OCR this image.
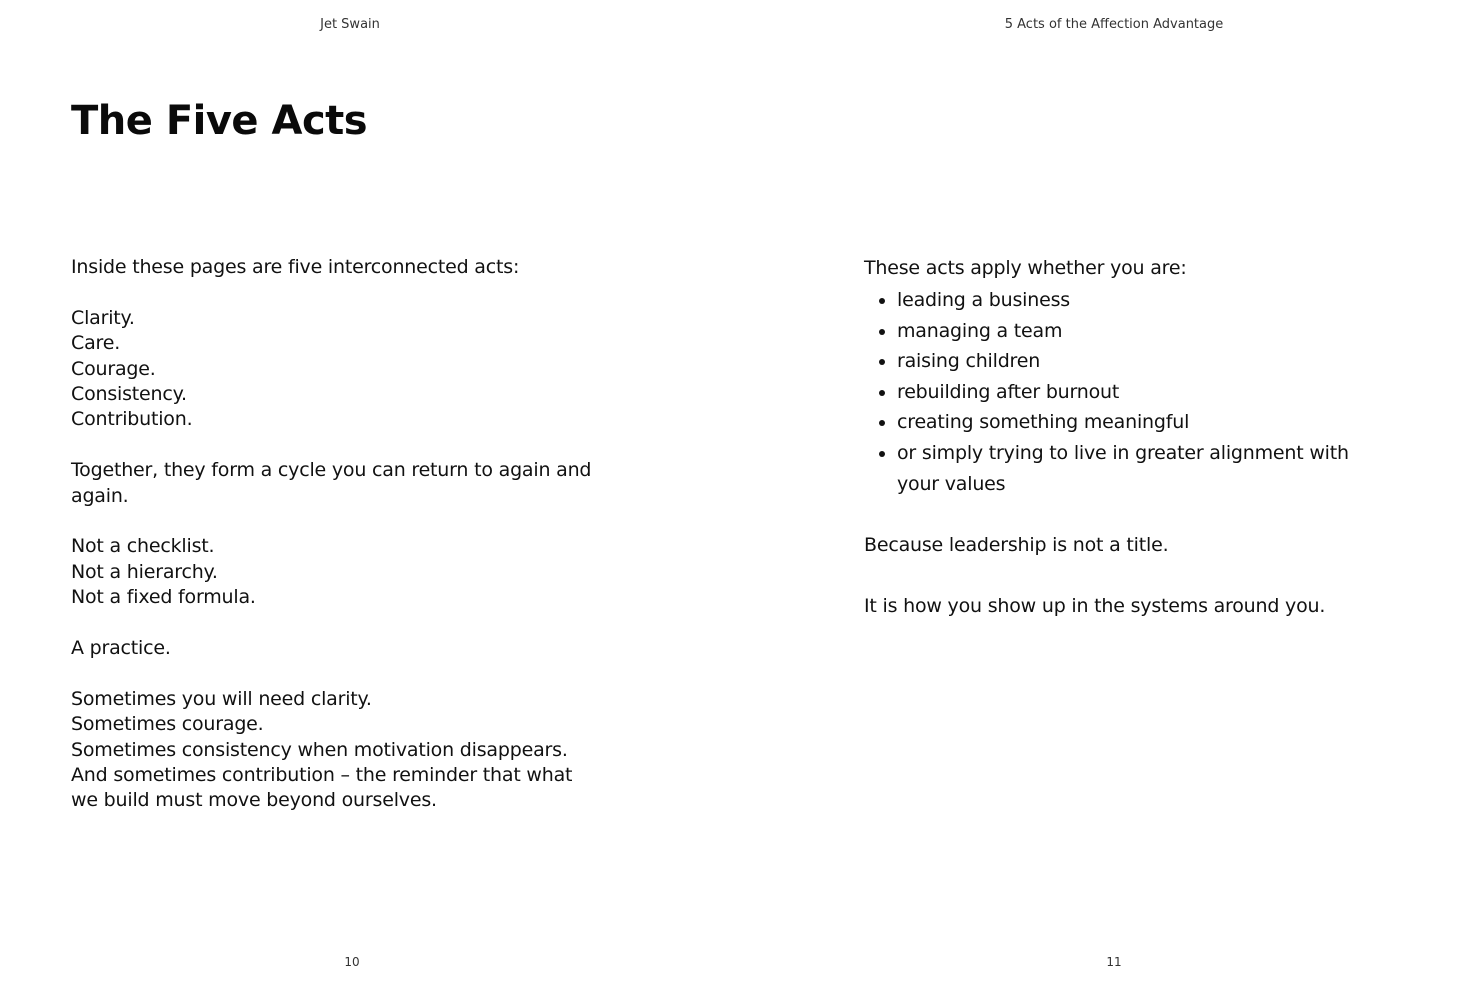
Jet Swain
The Five Acts

Inside these pages are five interconnected acts:

Clarity.
Care.
Courage.
Consistency.
Contribution.

Together, they form a cycle you can return to again and again.

Not a checklist.
Not a hierarchy.
Not a fixed formula.

A practice.

Sometimes you will need clarity.
Sometimes courage.
Sometimes consistency when motivation disappears.
And sometimes contribution – the reminder that what we build must move beyond ourselves.

10
5 Acts of the Affection Advantage

These acts apply whether you are:

• leading a business
• managing a team
• raising children
• rebuilding after burnout
• creating something meaningful
• or simply trying to live in greater alignment with your values

Because leadership is not a title.

It is how you show up in the systems around you.

11
